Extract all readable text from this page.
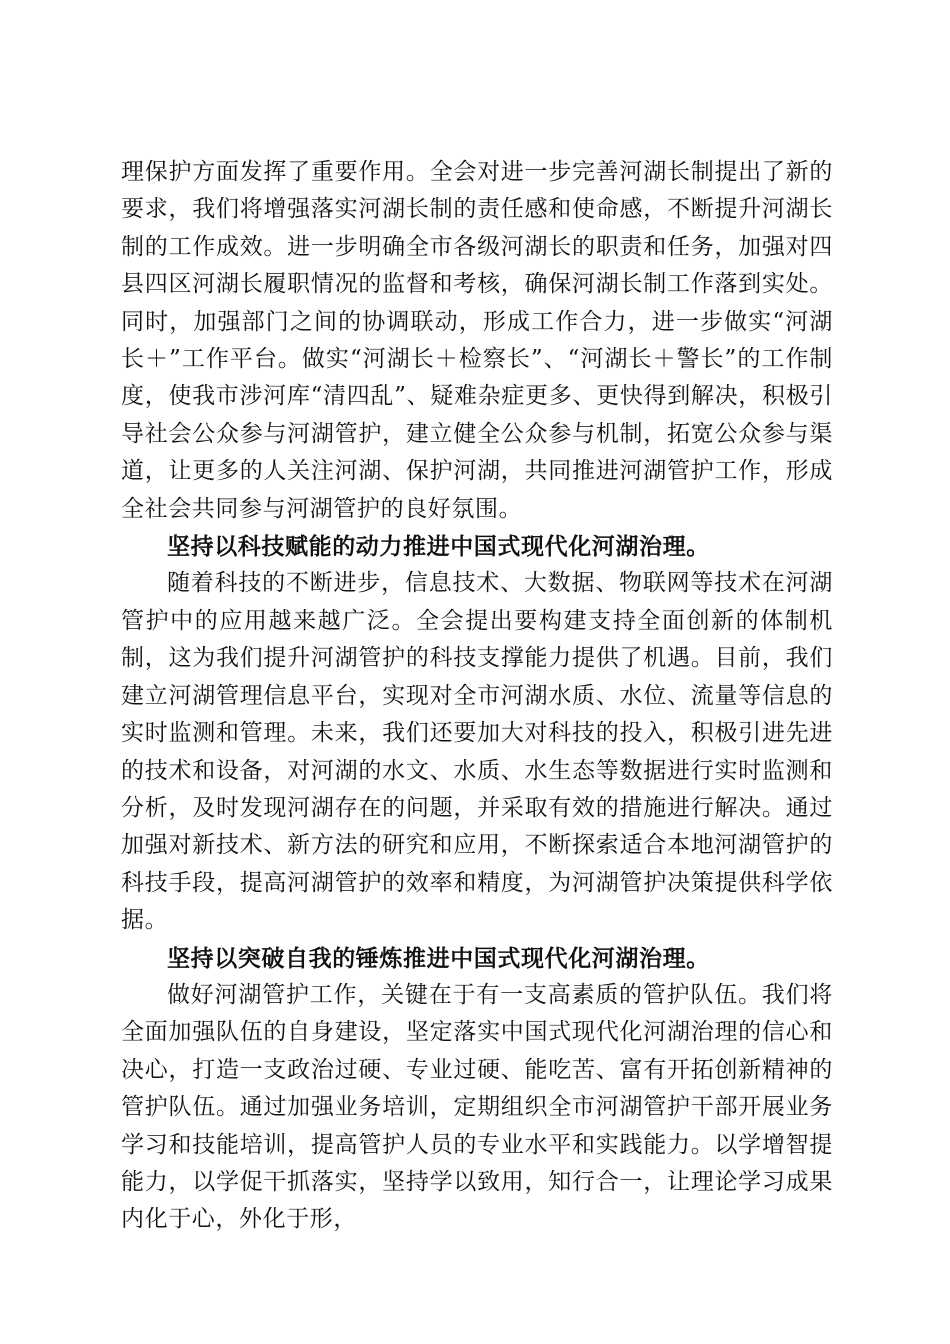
理保护方面发挥了重要作用。全会对进一步完善河湖长制提出了新的要求，我们将增强落实河湖长制的责任感和使命感，不断提升河湖长制的工作成效。进一步明确全市各级河湖长的职责和任务，加强对四县四区河湖长履职情况的监督和考核，确保河湖长制工作落到实处。同时，加强部门之间的协调联动，形成工作合力，进一步做实“河湖长＋”工作平台。做实“河湖长＋检察长”、“河湖长＋警长”的工作制度，使我市涉河库“清四乱”、疑难杂症更多、更快得到解决，积极引导社会公众参与河湖管护，建立健全公众参与机制，拓宽公众参与渠道，让更多的人关注河湖、保护河湖，共同推进河湖管护工作，形成全社会共同参与河湖管护的良好氛围。

坚持以科技赋能的动力推进中国式现代化河湖治理。

随着科技的不断进步，信息技术、大数据、物联网等技术在河湖管护中的应用越来越广泛。全会提出要构建支持全面创新的体制机制，这为我们提升河湖管护的科技支撑能力提供了机遇。目前，我们建立河湖管理信息平台，实现对全市河湖水质、水位、流量等信息的实时监测和管理。未来，我们还要加大对科技的投入，积极引进先进的技术和设备，对河湖的水文、水质、水生态等数据进行实时监测和分析，及时发现河湖存在的问题，并采取有效的措施进行解决。通过加强对新技术、新方法的研究和应用，不断探索适合本地河湖管护的科技手段，提高河湖管护的效率和精度，为河湖管护决策提供科学依据。

坚持以突破自我的锤炼推进中国式现代化河湖治理。

做好河湖管护工作，关键在于有一支高素质的管护队伍。我们将全面加强队伍的自身建设，坚定落实中国式现代化河湖治理的信心和决心，打造一支政治过硬、专业过硬、能吃苦、富有开拓创新精神的管护队伍。通过加强业务培训，定期组织全市河湖管护干部开展业务学习和技能培训，提高管护人员的专业水平和实践能力。以学增智提能力，以学促干抓落实，坚持学以致用，知行合一，让理论学习成果内化于心，外化于形，
